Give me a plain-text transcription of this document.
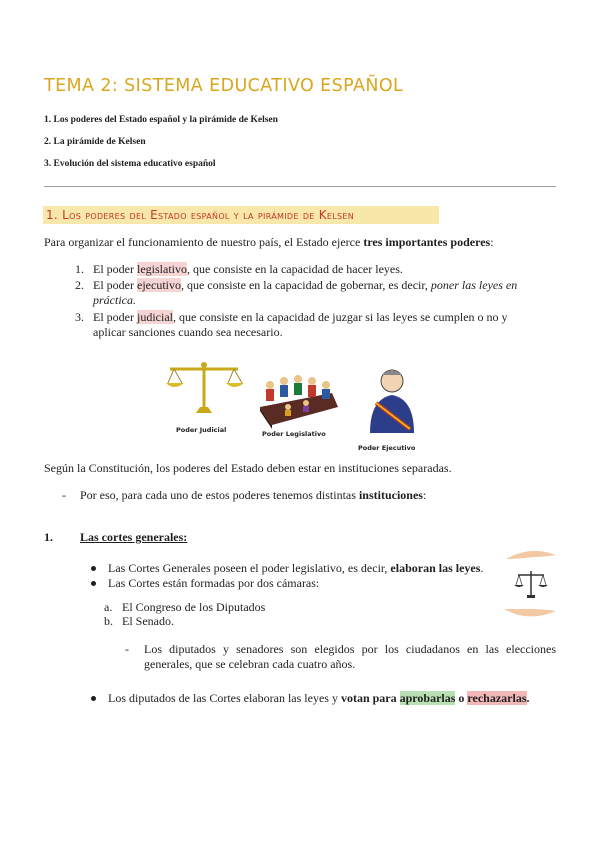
TEMA 2: SISTEMA EDUCATIVO ESPAÑOL
1. Los poderes del Estado español y la pirámide de Kelsen
2. La pirámide de Kelsen
3. Evolución del sistema educativo español
1. Los poderes del Estado español y la pirámide de Kelsen
Para organizar el funcionamiento de nuestro país, el Estado ejerce tres importantes poderes:
1. El poder legislativo, que consiste en la capacidad de hacer leyes.
2. El poder ejecutivo, que consiste en la capacidad de gobernar, es decir, poner las leyes en
práctica.
3. El poder judicial, que consiste en la capacidad de juzgar si las leyes se cumplen o no y
aplicar sanciones cuando sea necesario.
Poder Judicial	Poder Legislativo
Poder Ejecutivo
Según la Constitución, los poderes del Estado deben estar en instituciones separadas.
- Por eso, para cada uno de estos poderes tenemos distintas instituciones:
1. Las cortes generales:
Las Cortes Generales poseen el poder legislativo, es decir, elaboran las leyes.
Las Cortes están formadas por dos cámaras:
a. El Congreso de los Diputados
b. El Senado.
- Los diputados y senadores son elegidos por los ciudadanos en las elecciones
generales, que se celebran cada cuatro años.
Los diputados de las Cortes elaboran las leyes y votan para aprobarlas o rechazarlas.
